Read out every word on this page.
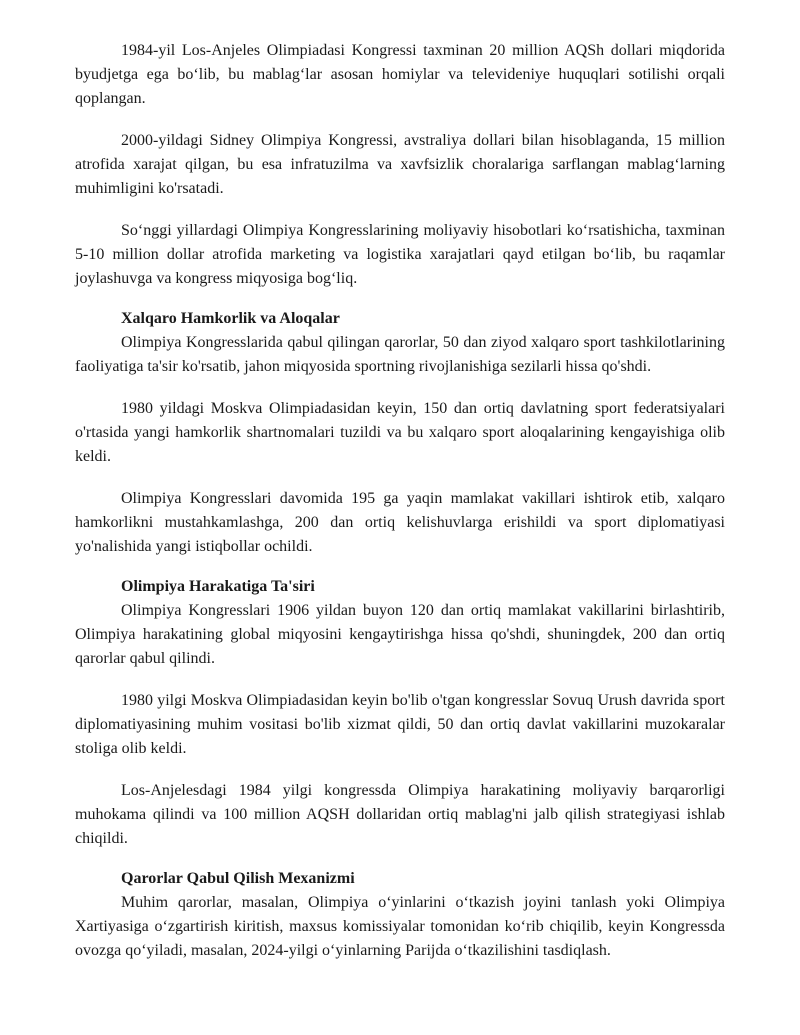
1984-yil Los-Anjeles Olimpiadasi Kongressi taxminan 20 million AQSh dollari miqdorida byudjetga ega bo‘lib, bu mablag‘lar asosan homiylar va televideniye huquqlari sotilishi orqali qoplangan.

2000-yildagi Sidney Olimpiya Kongressi, avstraliya dollari bilan hisoblaganda, 15 million atrofida xarajat qilgan, bu esa infratuzilma va xavfsizlik choralariga sarflangan mablag‘larning muhimligini ko'rsatadi.

So‘nggi yillardagi Olimpiya Kongresslarining moliyaviy hisobotlari ko‘rsatishicha, taxminan 5-10 million dollar atrofida marketing va logistika xarajatlari qayd etilgan bo‘lib, bu raqamlar joylashuvga va kongress miqyosiga bog‘liq.

Xalqaro Hamkorlik va Aloqalar

Olimpiya Kongresslarida qabul qilingan qarorlar, 50 dan ziyod xalqaro sport tashkilotlarining faoliyatiga ta'sir ko'rsatib, jahon miqyosida sportning rivojlanishiga sezilarli hissa qo'shdi.

1980 yildagi Moskva Olimpiadasidan keyin, 150 dan ortiq davlatning sport federatsiyalari o'rtasida yangi hamkorlik shartnomalari tuzildi va bu xalqaro sport aloqalarining kengayishiga olib keldi.

Olimpiya Kongresslari davomida 195 ga yaqin mamlakat vakillari ishtirok etib, xalqaro hamkorlikni mustahkamlashga, 200 dan ortiq kelishuvlarga erishildi va sport diplomatiyasi yo'nalishida yangi istiqbollar ochildi.

Olimpiya Harakatiga Ta'siri

Olimpiya Kongresslari 1906 yildan buyon 120 dan ortiq mamlakat vakillarini birlashtirib, Olimpiya harakatining global miqyosini kengaytirishga hissa qo'shdi, shuningdek, 200 dan ortiq qarorlar qabul qilindi.

1980 yilgi Moskva Olimpiadasidan keyin bo'lib o'tgan kongresslar Sovuq Urush davrida sport diplomatiyasining muhim vositasi bo'lib xizmat qildi, 50 dan ortiq davlat vakillarini muzokaralar stoliga olib keldi.

Los-Anjelesdagi 1984 yilgi kongressda Olimpiya harakatining moliyaviy barqarorligi muhokama qilindi va 100 million AQSH dollaridan ortiq mablag'ni jalb qilish strategiyasi ishlab chiqildi.

Qarorlar Qabul Qilish Mexanizmi

Muhim qarorlar, masalan, Olimpiya o‘yinlarini o‘tkazish joyini tanlash yoki Olimpiya Xartiyasiga o‘zgartirish kiritish, maxsus komissiyalar tomonidan ko‘rib chiqilib, keyin Kongressda ovozga qo‘yiladi, masalan, 2024-yilgi o‘yinlarning Parijda o‘tkazilishini tasdiqlash.
